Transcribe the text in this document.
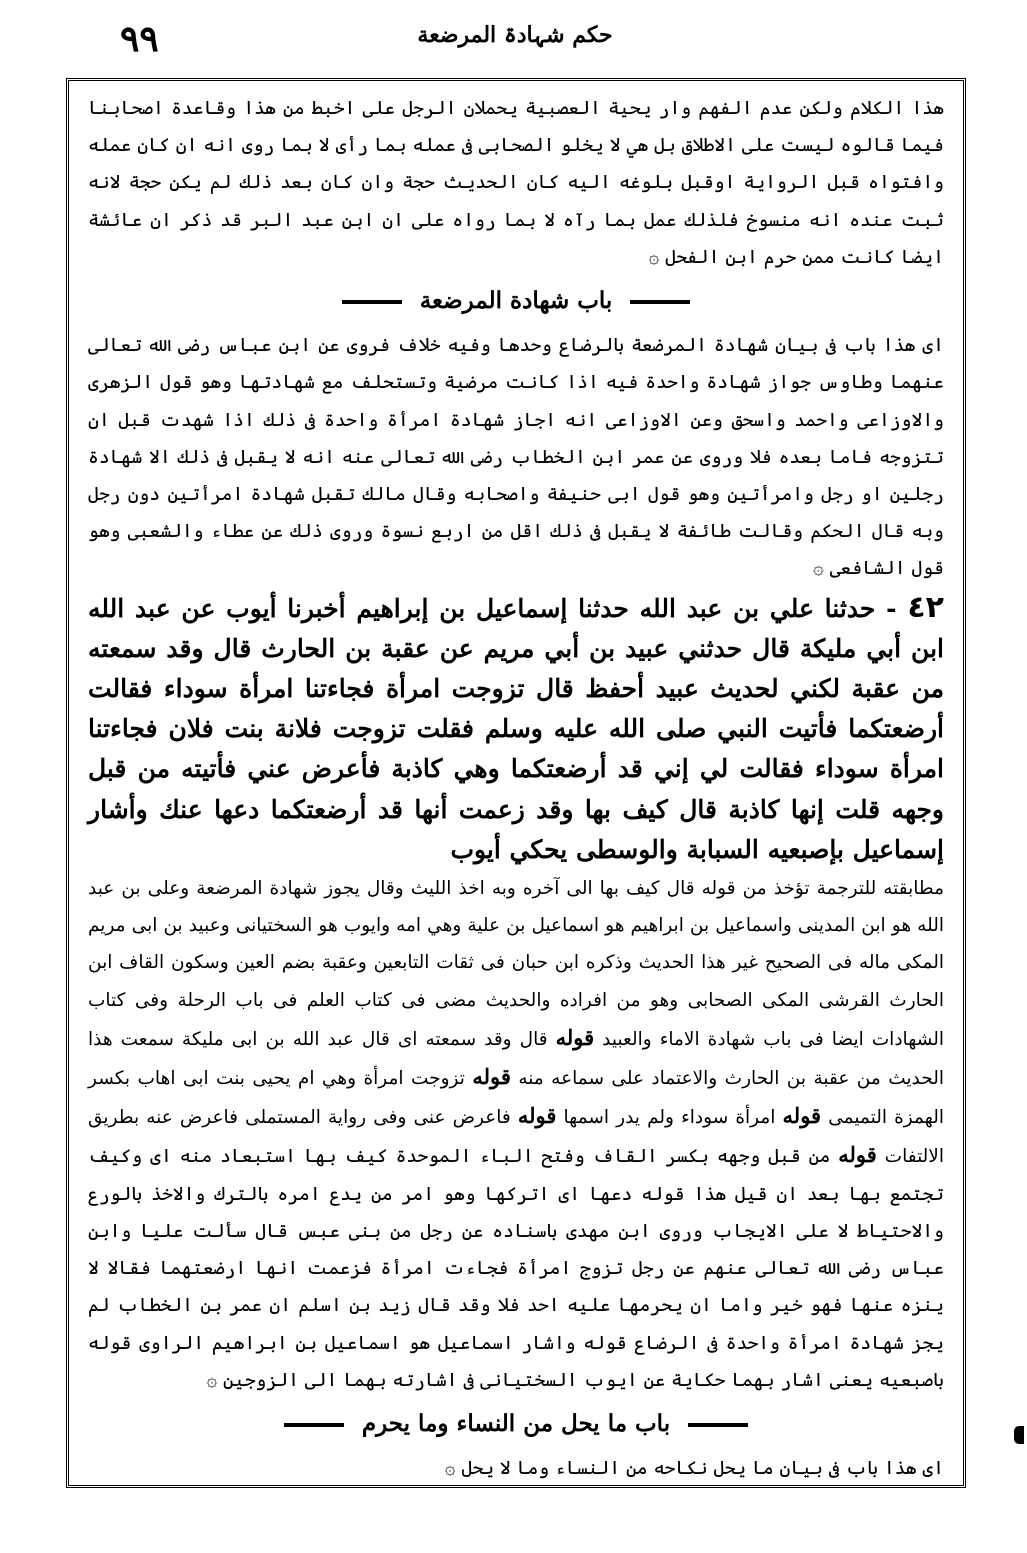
٩٩	حکم شہادۃ المرضعة

هذا الكلام ولكن عدم الفهم وار يحية العصبية يحملان الرجل على اخبط من هذا وقاعدة اصحابنا فيما قالوه ليست على الاطلاق بل هي لا يخلو الصحابى فى عمله بما رأى لا بما روى انه ان كان عمله وافتواه قبل الرواية اوقبل بلوغه اليه كان الحديث حجة وان كان بعد ذلك لم يكن حجة لانه ثبت عنده انه منسوخ فلذلك عمل بما رآه لا بما رواه على ان ابن عبد البر قد ذكر ان عائشة ايضا كانت ممن حرم ابن الفحل ۞

باب شهادة المرضعة

اى هذا باب فى بيان شهادة المرضعة بالرضاع وحدها وفيه خلاف فروى عن ابن عباس رضى الله تعالى عنهما وطاوس جواز شهادة واحدة فيه اذا كانت مرضية وتستحلف مع شهادتها وهو قول الزهرى والاوزاعى واحمد واسحق وعن الاوزاعى انه اجاز شهادة امرأة واحدة فى ذلك اذا شهدت قبل ان تتزوجه فاما بعده فلا وروى عن عمر ابن الخطاب رضى الله تعالى عنه انه لا يقبل فى ذلك الا شهادة رجلين او رجل وامرأتين وهو قول ابى حنيفة واصحابه وقال مالك تقبل شهادة امرأتين دون رجل وبه قال الحكم وقالت طائفة لا يقبل فى ذلك اقل من اربع نسوة وروى ذلك عن عطاء والشعبى وهو قول الشافعى ۞

٤٢ - حدثنا علي بن عبد الله حدثنا إسماعيل بن إبراهيم أخبرنا أيوب عن عبد الله ابن أبي مليكة قال حدثني عبيد بن أبي مريم عن عقبة بن الحارث قال وقد سمعته من عقبة لكني لحديث عبيد أحفظ قال تزوجت امرأة فجاءتنا امرأة سوداء فقالت أرضعتكما فأتيت النبي صلى الله عليه وسلم فقلت تزوجت فلانة بنت فلان فجاءتنا امرأة سوداء فقالت لي إني قد أرضعتكما وهي كاذبة فأعرض عني فأتيته من قبل وجهه قلت إنها كاذبة قال كيف بها وقد زعمت أنها قد أرضعتكما دعها عنك وأشار إسماعيل بإصبعيه السبابة والوسطى يحكي أيوب

مطابقته للترجمة تؤخذ من قوله قال كيف بها الى آخره وبه اخذ الليث وقال يجوز شهادة المرضعة وعلى بن عبد الله هو ابن المدينى واسماعيل بن ابراهيم هو اسماعيل بن علية وهي امه وايوب هو السختيانى وعبيد بن ابى مريم المكى ماله فى الصحيح غير هذا الحديث وذكره ابن حبان فى ثقات التابعين وعقبة بضم العين وسكون القاف ابن الحارث القرشى المكى الصحابى وهو من افراده والحديث مضى فى كتاب العلم فى باب الرحلة وفى كتاب الشهادات ايضا فى باب شهادة الاماء والعبيد قوله قال وقد سمعته اى قال عبد الله بن ابى مليكة سمعت هذا الحديث من عقبة بن الحارث والاعتماد على سماعه منه قوله تزوجت امرأة وهي ام يحيى بنت ابى اهاب بكسر الهمزة التميمى قوله امرأة سوداء ولم يدر اسمها قوله فاعرض عنى وفى رواية المستملى فاعرض عنه بطريق الالتفات قوله من قبل وجهه بكسر القاف وفتح الباء الموحدة كيف بها استبعاد منه اى وكيف تجتمع بها بعد ان قيل هذا قوله دعها اى اتركها وهو امر من يدع امره بالترك والاخذ بالورع والاحتياط لا على الايجاب وروى ابن مهدى باسناده عن رجل من بنى عبس قال سألت عليا وابن عباس رضى الله تعالى عنهم عن رجل تزوج امرأة فجاءت امرأة فزعمت انها ارضعتهما فقالا لا ينزه عنها فهو خير واما ان يحرمها عليه احد فلا وقد قال زيد بن اسلم ان عمر بن الخطاب لم يجز شهادة امرأة واحدة فى الرضاع قوله واشار اسماعيل هو اسماعيل بن ابراهيم الراوى قوله باصبعيه يعنى اشار بهما حكاية عن ايوب السختيانى فى اشارته بهما الى الزوجين ۞

باب ما يحل من النساء وما يحرم

اى هذا باب فى بيان ما يحل نكاحه من النساء وما لا يحل ۞
